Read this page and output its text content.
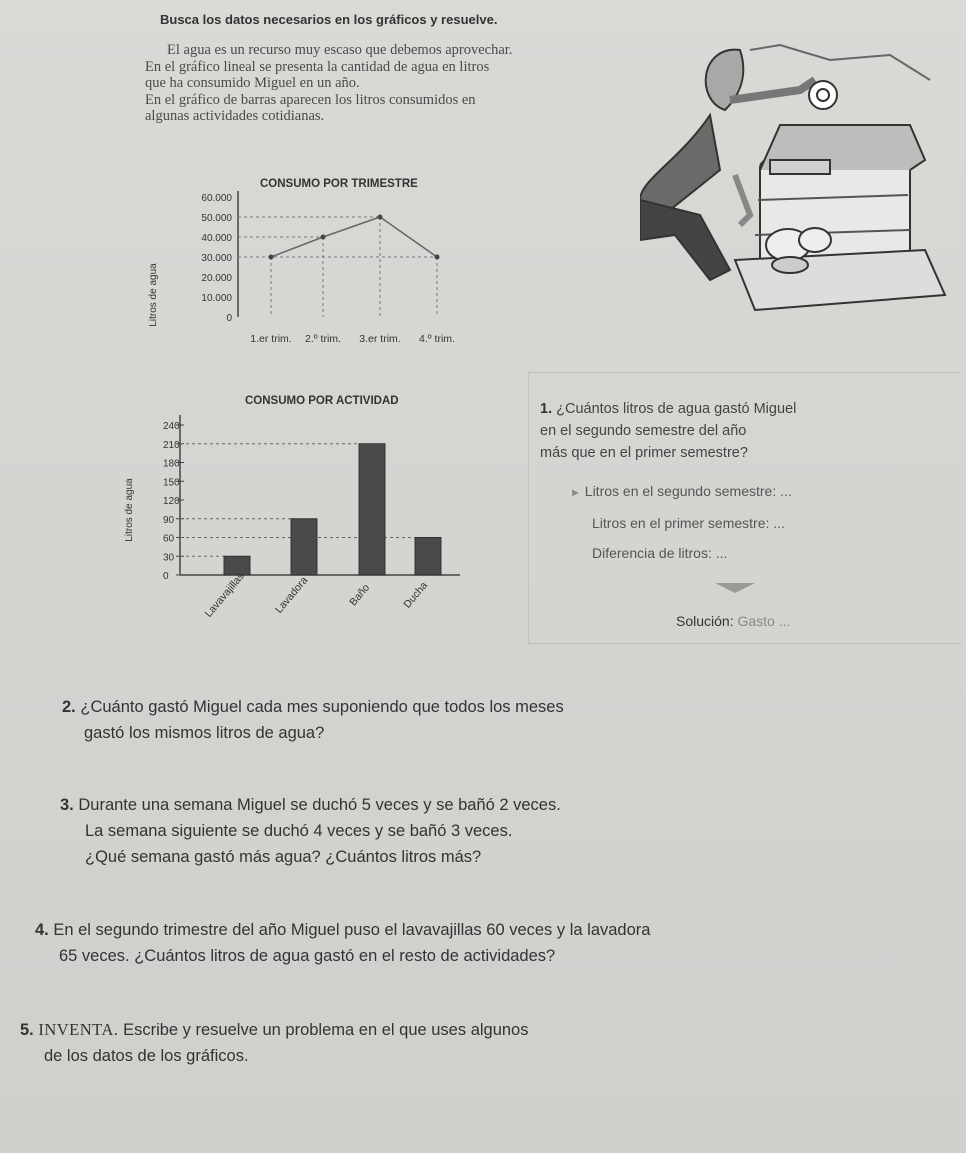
Busca los datos necesarios en los gráficos y resuelve.
El agua es un recurso muy escaso que debemos aprovechar.
En el gráfico lineal se presenta la cantidad de agua en litros
que ha consumido Miguel en un año.
En el gráfico de barras aparecen los litros consumidos en
algunas actividades cotidianas.
CONSUMO POR TRIMESTRE
Litros de agua	0
10.000
20.000
30.000
40.000
50.000
60.000
1.er trim. 2.º trim. 3.er trim. 4.º trim.
CONSUMO POR ACTIVIDAD
Litros de agua
0
30
60
90
120
150
180
210
240
Lavavajillas	Lavadora	Baño	Ducha
1. ¿Cuántos litros de agua gastó Miguel
en el segundo semestre del año
más que en el primer semestre?
► Litros en el segundo semestre: ...
Litros en el primer semestre: ...
Diferencia de litros: ...
Solución: Gasto ...
2. ¿Cuánto gastó Miguel cada mes suponiendo que todos los meses
gastó los mismos litros de agua?
3. Durante una semana Miguel se duchó 5 veces y se bañó 2 veces.
La semana siguiente se duchó 4 veces y se bañó 3 veces.
¿Qué semana gastó más agua? ¿Cuántos litros más?
4. En el segundo trimestre del año Miguel puso el lavavajillas 60 veces y la lavadora
65 veces. ¿Cuántos litros de agua gastó en el resto de actividades?
5. INVENTA. Escribe y resuelve un problema en el que uses algunos
de los datos de los gráficos.
